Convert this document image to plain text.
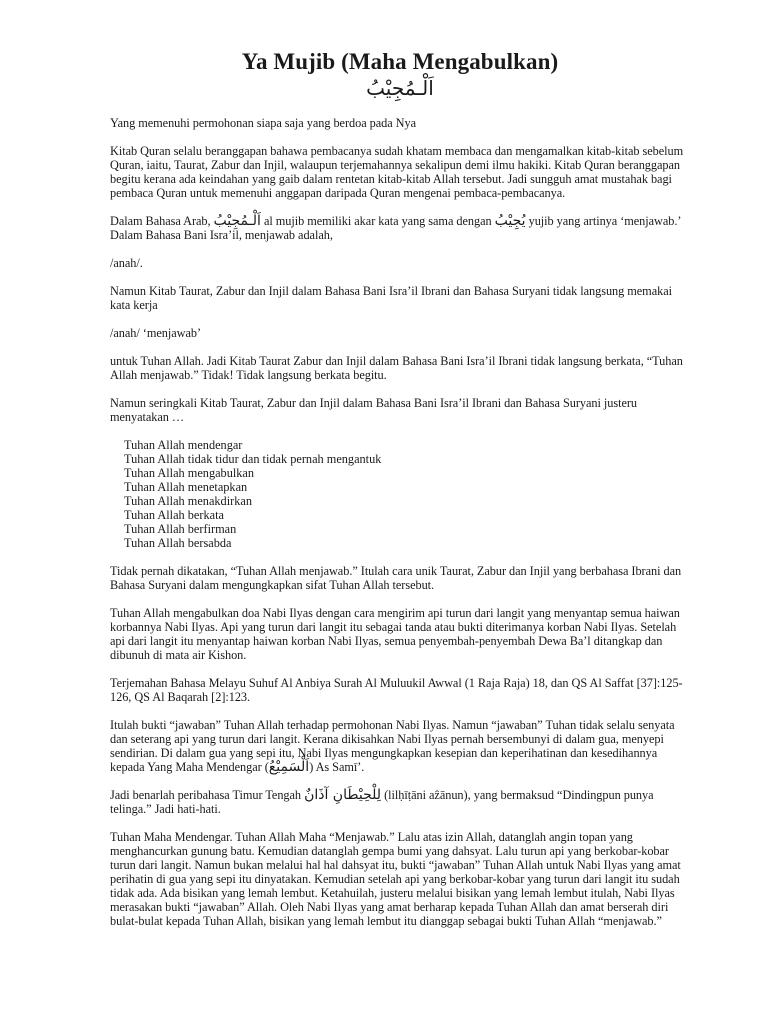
Ya Mujib (Maha Mengabulkan)
اَلْـمُجِيْبُ

Yang memenuhi permohonan siapa saja yang berdoa pada Nya

Kitab Quran selalu beranggapan bahawa pembacanya sudah khatam membaca dan mengamalkan kitab-kitab sebelum Quran, iaitu, Taurat, Zabur dan Injil, walaupun terjemahannya sekalipun demi ilmu hakiki. Kitab Quran beranggapan begitu kerana ada keindahan yang gaib dalam rentetan kitab-kitab Allah tersebut. Jadi sungguh amat mustahak bagi pembaca Quran untuk memenuhi anggapan daripada Quran mengenai pembaca-pembacanya.

Dalam Bahasa Arab, اَلْـمُجِيْبُ al mujib memiliki akar kata yang sama dengan يُجِيْبُ yujib yang artinya ‘menjawab.’ Dalam Bahasa Bani Isra’il, menjawab adalah,

/anah/.

Namun Kitab Taurat, Zabur dan Injil dalam Bahasa Bani Isra’il Ibrani dan Bahasa Suryani tidak langsung memakai kata kerja

/anah/ ‘menjawab’

untuk Tuhan Allah. Jadi Kitab Taurat Zabur dan Injil dalam Bahasa Bani Isra’il Ibrani tidak langsung berkata, “Tuhan Allah menjawab.” Tidak! Tidak langsung berkata begitu.

Namun seringkali Kitab Taurat, Zabur dan Injil dalam Bahasa Bani Isra’il Ibrani dan Bahasa Suryani justeru menyatakan …

Tuhan Allah mendengar
Tuhan Allah tidak tidur dan tidak pernah mengantuk
Tuhan Allah mengabulkan
Tuhan Allah menetapkan
Tuhan Allah menakdirkan
Tuhan Allah berkata
Tuhan Allah berfirman
Tuhan Allah bersabda

Tidak pernah dikatakan, “Tuhan Allah menjawab.” Itulah cara unik Taurat, Zabur dan Injil yang berbahasa Ibrani dan Bahasa Suryani dalam mengungkapkan sifat Tuhan Allah tersebut.

Tuhan Allah mengabulkan doa Nabi Ilyas dengan cara mengirim api turun dari langit yang menyantap semua haiwan korbannya Nabi Ilyas. Api yang turun dari langit itu sebagai tanda atau bukti diterimanya korban Nabi Ilyas. Setelah api dari langit itu menyantap haiwan korban Nabi Ilyas, semua penyembah-penyembah Dewa Ba’l ditangkap dan dibunuh di mata air Kishon.

Terjemahan Bahasa Melayu Suhuf Al Anbiya Surah Al Muluukil Awwal (1 Raja Raja) 18, dan QS Al Saffat [37]:125-126, QS Al Baqarah [2]:123.

Itulah bukti “jawaban” Tuhan Allah terhadap permohonan Nabi Ilyas. Namun “jawaban” Tuhan tidak selalu senyata dan seterang api yang turun dari langit. Kerana dikisahkan Nabi Ilyas pernah bersembunyi di dalam gua, menyepi sendirian. Di dalam gua yang sepi itu, Nabi Ilyas mengungkapkan kesepian dan keperihatinan dan kesedihannya kepada Yang Maha Mendengar (اَلْسَمِيْعُ) As Samī’.

Jadi benarlah peribahasa Timur Tengah لِلْحِيْطَانِ آذَانٌ (lilḥīṭāni aẑānun), yang bermaksud “Dindingpun punya telinga.” Jadi hati-hati.

Tuhan Maha Mendengar. Tuhan Allah Maha “Menjawab.” Lalu atas izin Allah, datanglah angin topan yang menghancurkan gunung batu. Kemudian datanglah gempa bumi yang dahsyat. Lalu turun api yang berkobar-kobar turun dari langit. Namun bukan melalui hal hal dahsyat itu, bukti “jawaban” Tuhan Allah untuk Nabi Ilyas yang amat perihatin di gua yang sepi itu dinyatakan. Kemudian setelah api yang berkobar-kobar yang turun dari langit itu sudah tidak ada. Ada bisikan yang lemah lembut. Ketahuilah, justeru melalui bisikan yang lemah lembut itulah, Nabi Ilyas merasakan bukti “jawaban” Allah. Oleh Nabi Ilyas yang amat berharap kepada Tuhan Allah dan amat berserah diri bulat-bulat kepada Tuhan Allah, bisikan yang lemah lembut itu dianggap sebagai bukti Tuhan Allah “menjawab.”
